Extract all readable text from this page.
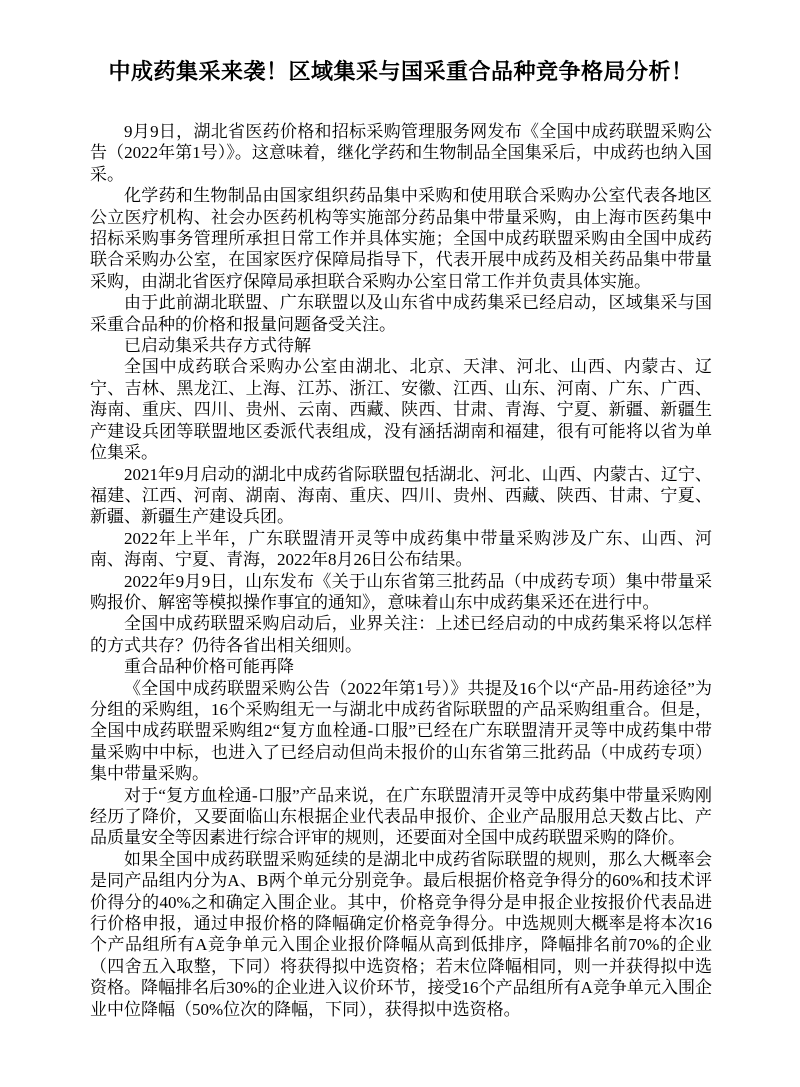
中成药集采来袭！区域集采与国采重合品种竞争格局分析！

9月9日，湖北省医药价格和招标采购管理服务网发布《全国中成药联盟采购公告（2022年第1号）》。这意味着，继化学药和生物制品全国集采后，中成药也纳入国采。

化学药和生物制品由国家组织药品集中采购和使用联合采购办公室代表各地区公立医疗机构、社会办医药机构等实施部分药品集中带量采购，由上海市医药集中招标采购事务管理所承担日常工作并具体实施；全国中成药联盟采购由全国中成药联合采购办公室，在国家医疗保障局指导下，代表开展中成药及相关药品集中带量采购，由湖北省医疗保障局承担联合采购办公室日常工作并负责具体实施。

由于此前湖北联盟、广东联盟以及山东省中成药集采已经启动，区域集采与国采重合品种的价格和报量问题备受关注。

已启动集采共存方式待解

全国中成药联合采购办公室由湖北、北京、天津、河北、山西、内蒙古、辽宁、吉林、黑龙江、上海、江苏、浙江、安徽、江西、山东、河南、广东、广西、海南、重庆、四川、贵州、云南、西藏、陕西、甘肃、青海、宁夏、新疆、新疆生产建设兵团等联盟地区委派代表组成，没有涵括湖南和福建，很有可能将以省为单位集采。

2021年9月启动的湖北中成药省际联盟包括湖北、河北、山西、内蒙古、辽宁、福建、江西、河南、湖南、海南、重庆、四川、贵州、西藏、陕西、甘肃、宁夏、新疆、新疆生产建设兵团。

2022年上半年，广东联盟清开灵等中成药集中带量采购涉及广东、山西、河南、海南、宁夏、青海，2022年8月26日公布结果。

2022年9月9日，山东发布《关于山东省第三批药品（中成药专项）集中带量采购报价、解密等模拟操作事宜的通知》，意味着山东中成药集采还在进行中。

全国中成药联盟采购启动后，业界关注：上述已经启动的中成药集采将以怎样的方式共存？仍待各省出相关细则。

重合品种价格可能再降

《全国中成药联盟采购公告（2022年第1号）》共提及16个以“产品-用药途径”为分组的采购组，16个采购组无一与湖北中成药省际联盟的产品采购组重合。但是，全国中成药联盟采购组2“复方血栓通-口服”已经在广东联盟清开灵等中成药集中带量采购中中标，也进入了已经启动但尚未报价的山东省第三批药品（中成药专项）集中带量采购。

对于“复方血栓通-口服”产品来说，在广东联盟清开灵等中成药集中带量采购刚经历了降价，又要面临山东根据企业代表品申报价、企业产品服用总天数占比、产品质量安全等因素进行综合评审的规则，还要面对全国中成药联盟采购的降价。

如果全国中成药联盟采购延续的是湖北中成药省际联盟的规则，那么大概率会是同产品组内分为A、B两个单元分别竞争。最后根据价格竞争得分的60%和技术评价得分的40%之和确定入围企业。其中，价格竞争得分是申报企业按报价代表品进行价格申报，通过申报价格的降幅确定价格竞争得分。中选规则大概率是将本次16个产品组所有A竞争单元入围企业报价降幅从高到低排序，降幅排名前70%的企业（四舍五入取整，下同）将获得拟中选资格；若末位降幅相同，则一并获得拟中选资格。降幅排名后30%的企业进入议价环节，接受16个产品组所有A竞争单元入围企业中位降幅（50%位次的降幅，下同），获得拟中选资格。
